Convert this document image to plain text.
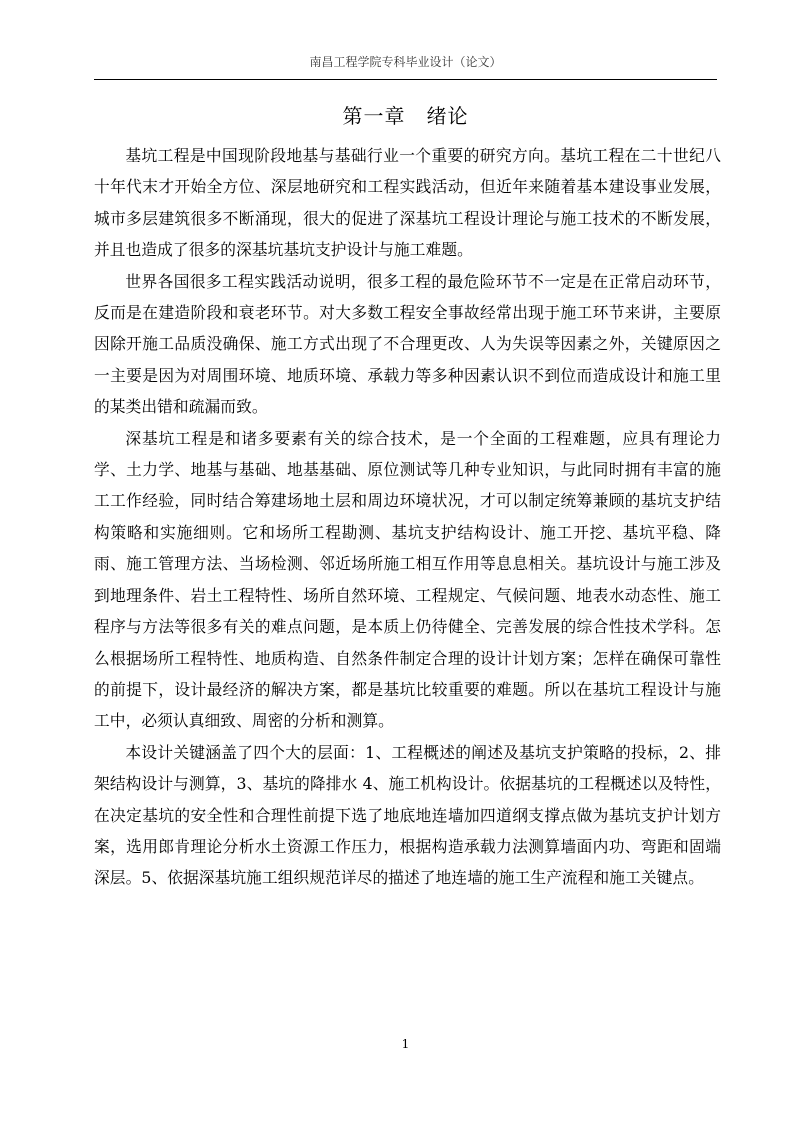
南昌工程学院专科毕业设计（论文）
第一章　绪论

基坑工程是中国现阶段地基与基础行业一个重要的研究方向。基坑工程在二十世纪八十年代末才开始全方位、深层地研究和工程实践活动，但近年来随着基本建设事业发展，城市多层建筑很多不断涌现，很大的促进了深基坑工程设计理论与施工技术的不断发展，并且也造成了很多的深基坑基坑支护设计与施工难题。

世界各国很多工程实践活动说明，很多工程的最危险环节不一定是在正常启动环节，反而是在建造阶段和衰老环节。对大多数工程安全事故经常出现于施工环节来讲，主要原因除开施工品质没确保、施工方式出现了不合理更改、人为失误等因素之外，关键原因之一主要是因为对周围环境、地质环境、承载力等多种因素认识不到位而造成设计和施工里的某类出错和疏漏而致。

深基坑工程是和诸多要素有关的综合技术，是一个全面的工程难题，应具有理论力学、土力学、地基与基础、地基基础、原位测试等几种专业知识，与此同时拥有丰富的施工工作经验，同时结合筹建场地土层和周边环境状况，才可以制定统筹兼顾的基坑支护结构策略和实施细则。它和场所工程勘测、基坑支护结构设计、施工开挖、基坑平稳、降雨、施工管理方法、当场检测、邻近场所施工相互作用等息息相关。基坑设计与施工涉及到地理条件、岩土工程特性、场所自然环境、工程规定、气候问题、地表水动态性、施工程序与方法等很多有关的难点问题，是本质上仍待健全、完善发展的综合性技术学科。怎么根据场所工程特性、地质构造、自然条件制定合理的设计计划方案；怎样在确保可靠性的前提下，设计最经济的解决方案，都是基坑比较重要的难题。所以在基坑工程设计与施工中，必须认真细致、周密的分析和测算。

本设计关键涵盖了四个大的层面：1、工程概述的阐述及基坑支护策略的投标，2、排架结构设计与测算，3、基坑的降排水 4、施工机构设计。依据基坑的工程概述以及特性，在决定基坑的安全性和合理性前提下选了地底地连墙加四道纲支撑点做为基坑支护计划方案，选用郎肯理论分析水土资源工作压力，根据构造承载力法测算墙面内功、弯距和固端深层。5、依据深基坑施工组织规范详尽的描述了地连墙的施工生产流程和施工关键点。

1
